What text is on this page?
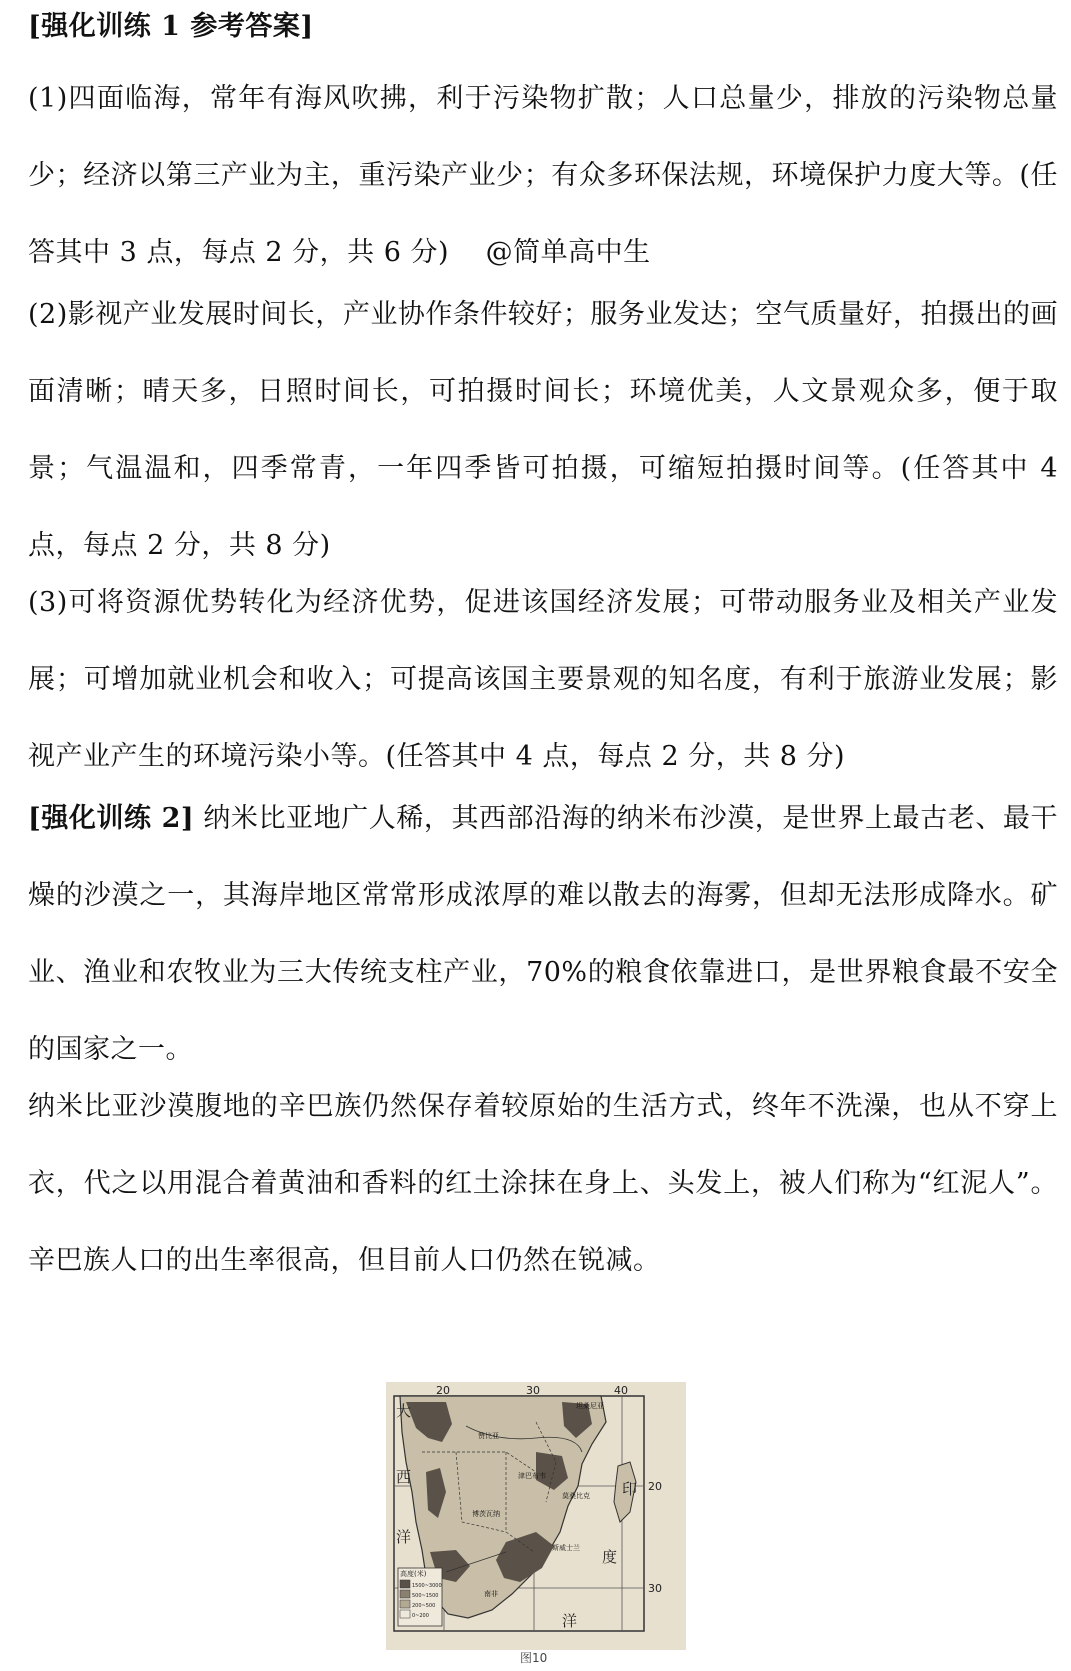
[强化训练 1 参考答案]

(1)四面临海，常年有海风吹拂，利于污染物扩散；人口总量少，排放的污染物总量少；经济以第三产业为主，重污染产业少；有众多环保法规，环境保护力度大等。(任答其中 3 点，每点 2 分，共 6 分)　 @简单高中生

(2)影视产业发展时间长，产业协作条件较好；服务业发达；空气质量好，拍摄出的画面清晰；晴天多，日照时间长，可拍摄时间长；环境优美，人文景观众多，便于取景；气温温和，四季常青，一年四季皆可拍摄，可缩短拍摄时间等。(任答其中 4 点，每点 2 分，共 8 分)

(3)可将资源优势转化为经济优势，促进该国经济发展；可带动服务业及相关产业发展；可增加就业机会和收入；可提高该国主要景观的知名度，有利于旅游业发展；影视产业产生的环境污染小等。(任答其中 4 点，每点 2 分，共 8 分)

[强化训练 2] 纳米比亚地广人稀，其西部沿海的纳米布沙漠，是世界上最古老、最干燥的沙漠之一，其海岸地区常常形成浓厚的难以散去的海雾，但却无法形成降水。矿业、渔业和农牧业为三大传统支柱产业，70%的粮食依靠进口，是世界粮食最不安全的国家之一。

纳米比亚沙漠腹地的辛巴族仍然保存着较原始的生活方式，终年不洗澡，也从不穿上衣，代之以用混合着黄油和香料的红土涂抹在身上、头发上，被人们称为“红泥人”。辛巴族人口的出生率很高，但目前人口仍然在锐减。

高度(米)
1500~3000
500~1500
200~500
0~200
20	30	40
20
30
大
西
洋
印
度
洋
赞比亚
坦桑尼亚
津巴布韦
博茨瓦纳
南非
斯威士兰
莫桑比克
图10
